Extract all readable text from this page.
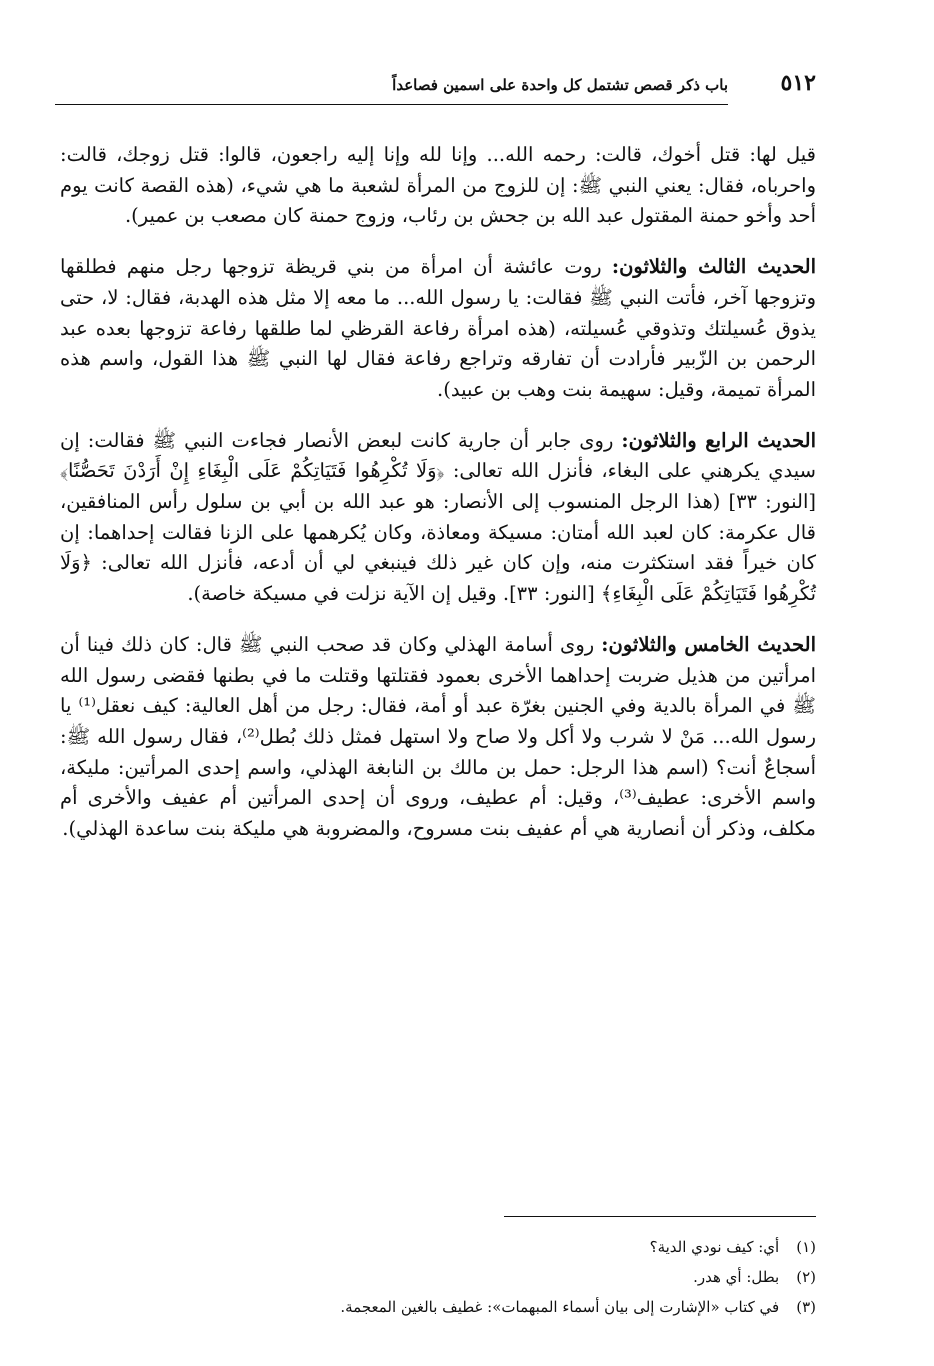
٥١٢
باب ذكر قصص تشتمل كل واحدة على اسمين فصاعداً

قيل لها: قتل أخوك، قالت: رحمه الله... وإنا لله وإنا إليه راجعون، قالوا: قتل زوجك، قالت: واحرباه، فقال: يعني النبي ﷺ: إن للزوج من المرأة لشعبة ما هي شيء، (هذه القصة كانت يوم أحد وأخو حمنة المقتول عبد الله بن جحش بن رئاب، وزوج حمنة كان مصعب بن عمير).

الحديث الثالث والثلاثون: روت عائشة أن امرأة من بني قريظة تزوجها رجل منهم فطلقها وتزوجها آخر، فأتت النبي ﷺ فقالت: يا رسول الله... ما معه إلا مثل هذه الهدبة، فقال: لا، حتى يذوق عُسيلتك وتذوقي عُسيلته، (هذه امرأة رفاعة القرظي لما طلقها رفاعة تزوجها بعده عبد الرحمن بن الزّبير فأرادت أن تفارقه وتراجع رفاعة فقال لها النبي ﷺ هذا القول، واسم هذه المرأة تميمة، وقيل: سهيمة بنت وهب بن عبيد).

الحديث الرابع والثلاثون: روى جابر أن جارية كانت لبعض الأنصار فجاءت النبي ﷺ فقالت: إن سيدي يكرهني على البغاء، فأنزل الله تعالى: ﴿وَلَا تُكْرِهُوا فَتَيَاتِكُمْ عَلَى الْبِغَاءِ إِنْ أَرَدْنَ تَحَصُّنًا﴾ [النور: ٣٣] (هذا الرجل المنسوب إلى الأنصار: هو عبد الله بن أبي بن سلول رأس المنافقين، قال عكرمة: كان لعبد الله أمتان: مسيكة ومعاذة، وكان يُكرهمها على الزنا فقالت إحداهما: إن كان خيراً فقد استكثرت منه، وإن كان غير ذلك فينبغي لي أن أدعه، فأنزل الله تعالى: ﴿وَلَا تُكْرِهُوا فَتَيَاتِكُمْ عَلَى الْبِغَاءِ﴾ [النور: ٣٣]. وقيل إن الآية نزلت في مسيكة خاصة).

الحديث الخامس والثلاثون: روى أسامة الهذلي وكان قد صحب النبي ﷺ قال: كان ذلك فينا أن امرأتين من هذيل ضربت إحداهما الأخرى بعمود فقتلتها وقتلت ما في بطنها فقضى رسول الله ﷺ في المرأة بالدية وفي الجنين بغرّة عبد أو أمة، فقال: رجل من أهل العالية: كيف نعقل⁽¹⁾ يا رسول الله... مَنْ لا شرب ولا أكل ولا صاح ولا استهل فمثل ذلك بُطل⁽²⁾، فقال رسول الله ﷺ: أسجاعٌ أنت؟ (اسم هذا الرجل: حمل بن مالك بن النابغة الهذلي، واسم إحدى المرأتين: مليكة، واسم الأخرى: عطيف⁽³⁾، وقيل: أم عطيف، وروى أن إحدى المرأتين أم عفيف والأخرى أم مكلف، وذكر أن أنصارية هي أم عفيف بنت مسروح، والمضروبة هي مليكة بنت ساعدة الهذلي).

(١) أي: كيف نودي الدية؟

(٢) بطل: أي هدر.

(٣) في كتاب «الإشارت إلى بيان أسماء المبهمات»: غطيف بالغين المعجمة.
